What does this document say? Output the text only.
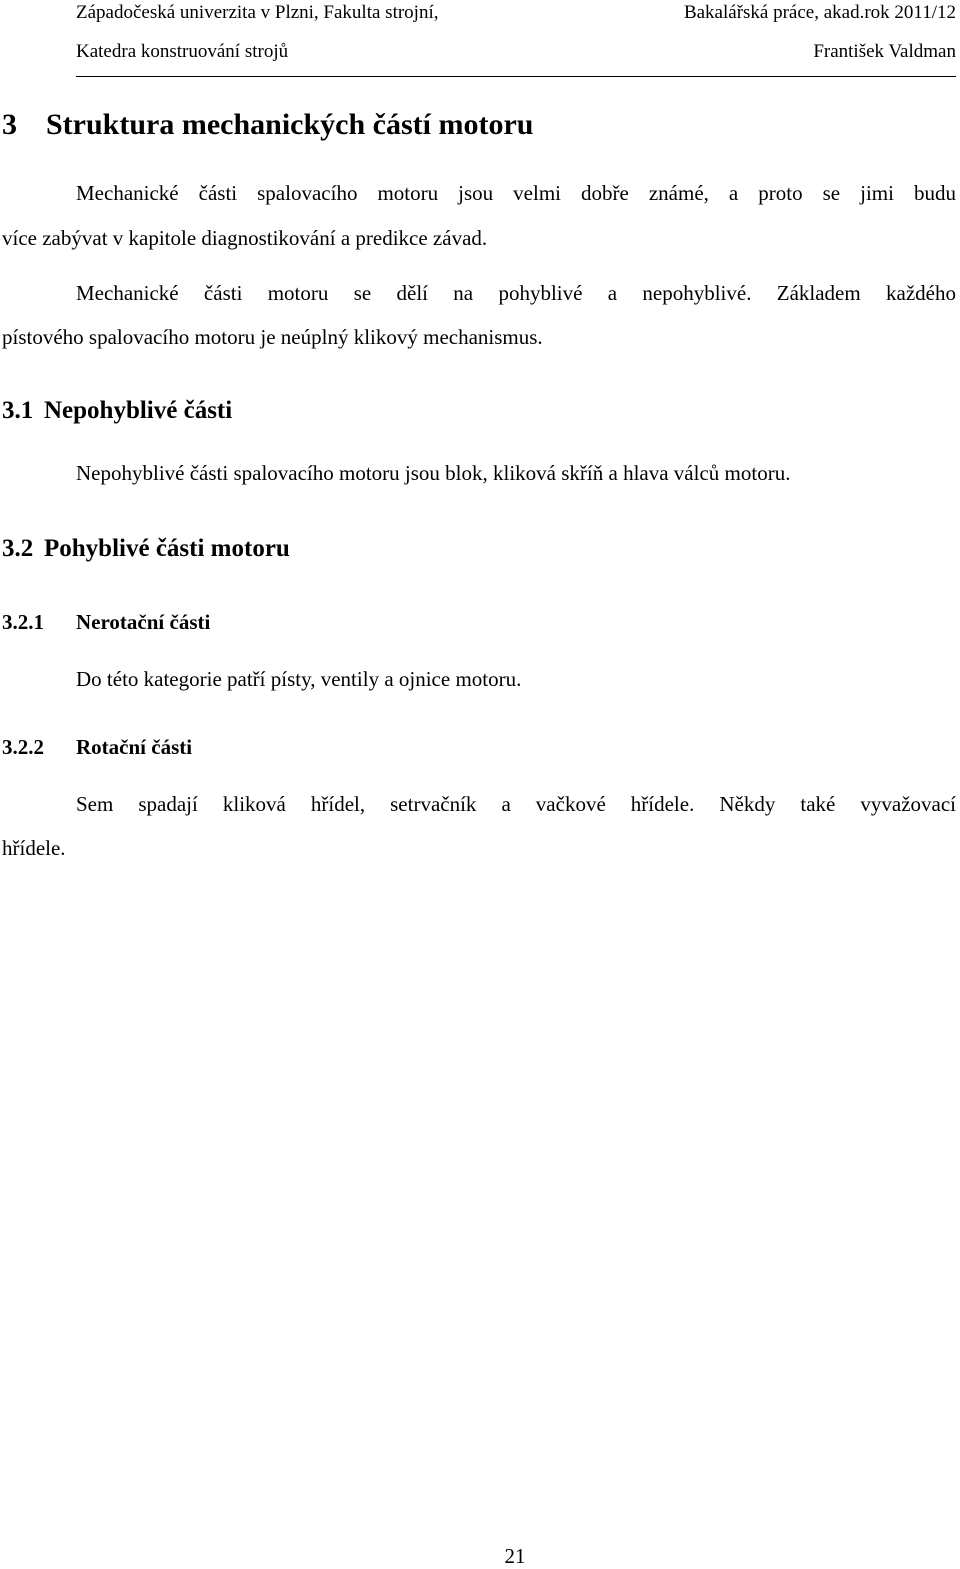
Západočeská univerzita v Plzni, Fakulta strojní,	Bakalářská práce, akad.rok 2011/12
Katedra konstruování strojů	František Valdman
3 Struktura mechanických částí motoru
Mechanické části spalovacího motoru jsou velmi dobře známé, a proto se jimi budu
více zabývat v kapitole diagnostikování a predikce závad.
Mechanické části motoru se dělí na pohyblivé a nepohyblivé. Základem každého
pístového spalovacího motoru je neúplný klikový mechanismus.
3.1 Nepohyblivé části
Nepohyblivé části spalovacího motoru jsou blok, kliková skříň a hlava válců motoru.
3.2 Pohyblivé části motoru
3.2.1 Nerotační části
Do této kategorie patří písty, ventily a ojnice motoru.
3.2.2 Rotační části
Sem spadají kliková hřídel, setrvačník a vačkové hřídele. Někdy také vyvažovací
hřídele.
21
